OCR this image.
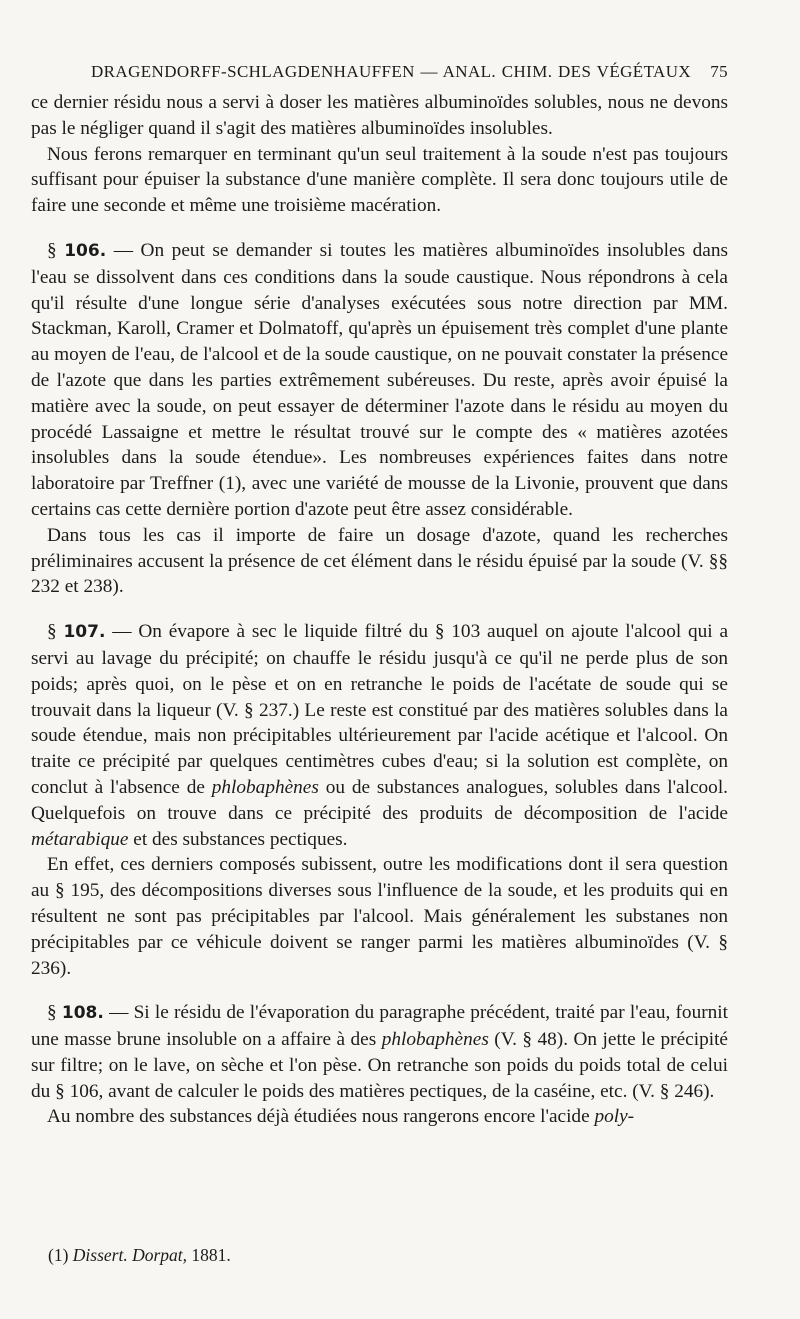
DRAGENDORFF-SCHLAGDENHAUFFEN — ANAL. CHIM. DES VÉGÉTAUX 75

ce dernier résidu nous a servi à doser les matières albuminoïdes solubles, nous ne devons pas le négliger quand il s'agit des matières albuminoïdes insolubles.

Nous ferons remarquer en terminant qu'un seul traitement à la soude n'est pas toujours suffisant pour épuiser la substance d'une manière complète. Il sera donc toujours utile de faire une seconde et même une troisième macération.

§ 106. — On peut se demander si toutes les matières albuminoïdes insolubles dans l'eau se dissolvent dans ces conditions dans la soude caustique. Nous répondrons à cela qu'il résulte d'une longue série d'analyses exécutées sous notre direction par MM. Stackman, Karoll, Cramer et Dolmatoff, qu'après un épuisement très complet d'une plante au moyen de l'eau, de l'alcool et de la soude caustique, on ne pouvait constater la présence de l'azote que dans les parties extrêmement subéreuses. Du reste, après avoir épuisé la matière avec la soude, on peut essayer de déterminer l'azote dans le résidu au moyen du procédé Lassaigne et mettre le résultat trouvé sur le compte des « matières azotées insolubles dans la soude étendue». Les nombreuses expériences faites dans notre laboratoire par Treffner (1), avec une variété de mousse de la Livonie, prouvent que dans certains cas cette dernière portion d'azote peut être assez considérable.

Dans tous les cas il importe de faire un dosage d'azote, quand les recherches préliminaires accusent la présence de cet élément dans le résidu épuisé par la soude (V. §§ 232 et 238).

§ 107. — On évapore à sec le liquide filtré du § 103 auquel on ajoute l'alcool qui a servi au lavage du précipité; on chauffe le résidu jusqu'à ce qu'il ne perde plus de son poids; après quoi, on le pèse et on en retranche le poids de l'acétate de soude qui se trouvait dans la liqueur (V. § 237.) Le reste est constitué par des matières solubles dans la soude étendue, mais non précipitables ultérieurement par l'acide acétique et l'alcool. On traite ce précipité par quelques centimètres cubes d'eau; si la solution est complète, on conclut à l'absence de phlobaphènes ou de substances analogues, solubles dans l'alcool. Quelquefois on trouve dans ce précipité des produits de décomposition de l'acide métarabique et des substances pectiques.

En effet, ces derniers composés subissent, outre les modifications dont il sera question au § 195, des décompositions diverses sous l'influence de la soude, et les produits qui en résultent ne sont pas précipitables par l'alcool. Mais généralement les substanes non précipitables par ce véhicule doivent se ranger parmi les matières albuminoïdes (V. § 236).

§ 108. — Si le résidu de l'évaporation du paragraphe précédent, traité par l'eau, fournit une masse brune insoluble on a affaire à des phlobaphènes (V. § 48). On jette le précipité sur filtre; on le lave, on sèche et l'on pèse. On retranche son poids du poids total de celui du § 106, avant de calculer le poids des matières pectiques, de la caséine, etc. (V. § 246).

Au nombre des substances déjà étudiées nous rangerons encore l'acide poly-

(1) Dissert. Dorpat, 1881.
